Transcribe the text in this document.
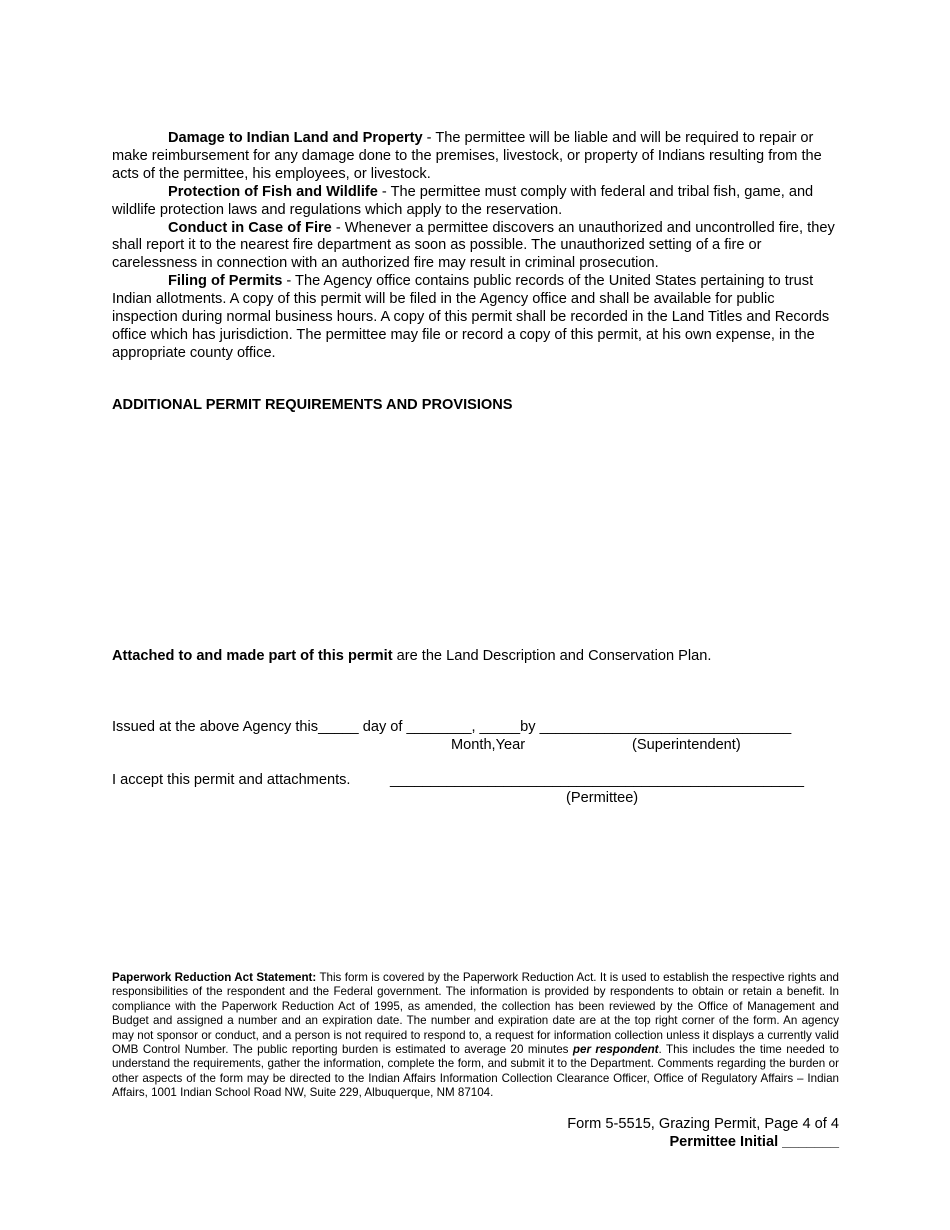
Damage to Indian Land and Property - The permittee will be liable and will be required to repair or make reimbursement for any damage done to the premises, livestock, or property of Indians resulting from the acts of the permittee, his employees, or livestock.

Protection of Fish and Wildlife - The permittee must comply with federal and tribal fish, game, and wildlife protection laws and regulations which apply to the reservation.

Conduct in Case of Fire - Whenever a permittee discovers an unauthorized and uncontrolled fire, they shall report it to the nearest fire department as soon as possible. The unauthorized setting of a fire or carelessness in connection with an authorized fire may result in criminal prosecution.

Filing of Permits - The Agency office contains public records of the United States pertaining to trust Indian allotments. A copy of this permit will be filed in the Agency office and shall be available for public inspection during normal business hours. A copy of this permit shall be recorded in the Land Titles and Records office which has jurisdiction. The permittee may file or record a copy of this permit, at his own expense, in the appropriate county office.

ADDITIONAL PERMIT REQUIREMENTS AND PROVISIONS
Attached to and made part of this permit are the Land Description and Conservation Plan.
Issued at the above Agency this_____ day of ________, _____by _______________________________
Month,Year	(Superintendent)
I accept this permit and attachments.	___________________________________________________
(Permittee)
Paperwork Reduction Act Statement: This form is covered by the Paperwork Reduction Act. It is used to establish the respective rights and responsibilities of the respondent and the Federal government. The information is provided by respondents to obtain or retain a benefit. In compliance with the Paperwork Reduction Act of 1995, as amended, the collection has been reviewed by the Office of Management and Budget and assigned a number and an expiration date. The number and expiration date are at the top right corner of the form. An agency may not sponsor or conduct, and a person is not required to respond to, a request for information collection unless it displays a currently valid OMB Control Number. The public reporting burden is estimated to average 20 minutes per respondent. This includes the time needed to understand the requirements, gather the information, complete the form, and submit it to the Department. Comments regarding the burden or other aspects of the form may be directed to the Indian Affairs Information Collection Clearance Officer, Office of Regulatory Affairs – Indian Affairs, 1001 Indian School Road NW, Suite 229, Albuquerque, NM 87104.
Form 5-5515, Grazing Permit, Page 4 of 4
Permittee Initial _______
